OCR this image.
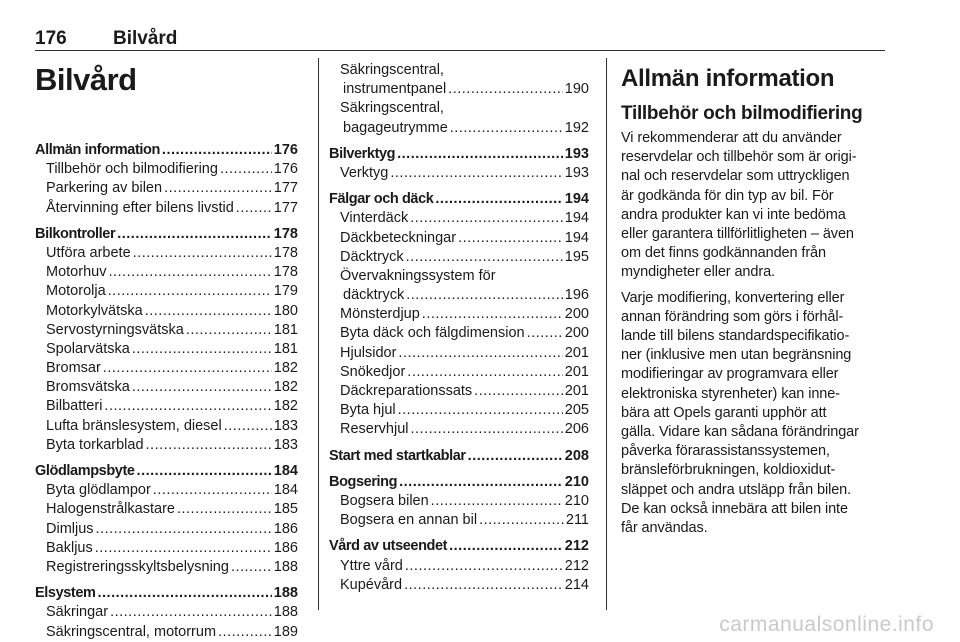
176 Bilvård
Bilvård
Allmän information .....	176
Tillbehör och bilmodifiering .....	176
Parkering av bilen .....	177
Återvinning efter bilens livstid .....	177
Bilkontroller .....	178
Utföra arbete .....	178
Motorhuv .....	178
Motorolja .....	179
Motorkylvätska .....	180
Servostyrningsvätska .....	181
Spolarvätska .....	181
Bromsar .....	182
Bromsvätska .....	182
Bilbatteri .....	182
Lufta bränslesystem, diesel .....	183
Byta torkarblad .....	183
Glödlampsbyte .....	184
Byta glödlampor .....	184
Halogenstrålkastare .....	185
Dimljus .....	186
Bakljus .....	186
Registreringsskyltsbelysning .....	188
Elsystem .....	188
Säkringar .....	188
Säkringscentral, motorrum .....	189
Säkringscentral,
instrumentpanel .....	190
Säkringscentral,
bagageutrymme .....	192
Bilverktyg .....	193
Verktyg .....	193
Fälgar och däck .....	194
Vinterdäck .....	194
Däckbeteckningar .....	194
Däcktryck .....	195
Övervakningssystem för
däcktryck .....	196
Mönsterdjup .....	200
Byta däck och fälgdimension .....	200
Hjulsidor .....	201
Snökedjor .....	201
Däckreparationssats .....	201
Byta hjul .....	205
Reservhjul .....	206
Start med startkablar .....	208
Bogsering .....	210
Bogsera bilen .....	210
Bogsera en annan bil .....	211
Vård av utseendet .....	212
Yttre vård .....	212
Kupévård .....	214
Allmän information
Tillbehör och bilmodifiering
Vi rekommenderar att du använder
reservdelar och tillbehör som är origi-
nal och reservdelar som uttryckligen
är godkända för din typ av bil. För
andra produkter kan vi inte bedöma
eller garantera tillförlitligheten – även
om det finns godkännanden från
myndigheter eller andra.
Varje modifiering, konvertering eller
annan förändring som görs i förhål-
lande till bilens standardspecifikatio-
ner (inklusive men utan begränsning
modifieringar av programvara eller
elektroniska styrenheter) kan inne-
bära att Opels garanti upphör att
gälla. Vidare kan sådana förändringar
påverka förarassistanssystemen,
bränsleförbrukningen, koldioxidut-
släppet och andra utsläpp från bilen.
De kan också innebära att bilen inte
får användas.
carmanualsonline.info
